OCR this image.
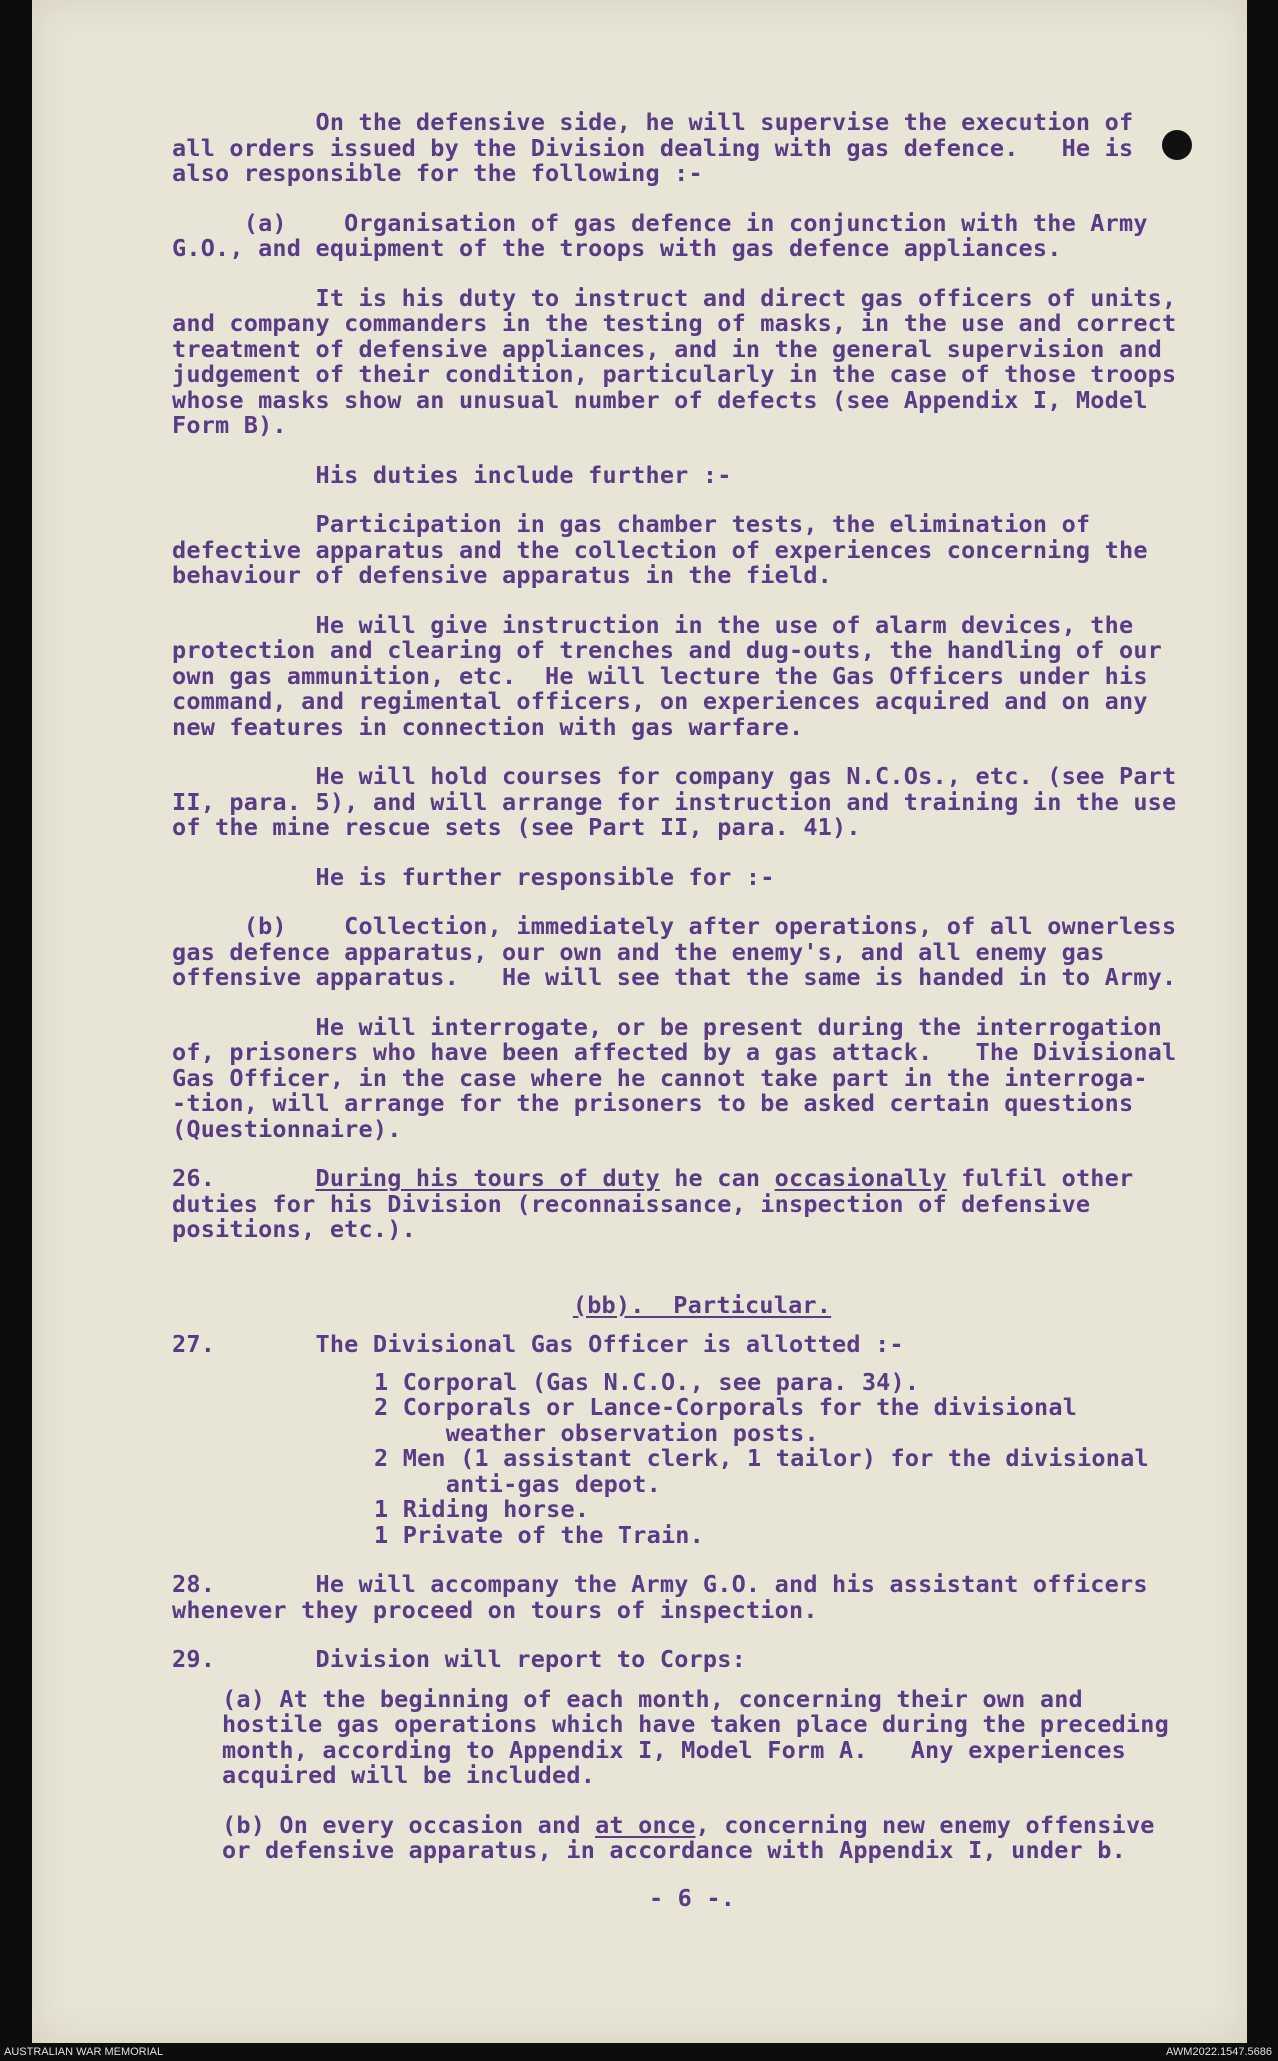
On the defensive side, he will supervise the execution of
all orders issued by the Division dealing with gas defence.   He is
also responsible for the following :-
(a)    Organisation of gas defence in conjunction with the Army
G.O., and equipment of the troops with gas defence appliances.
It is his duty to instruct and direct gas officers of units,
and company commanders in the testing of masks, in the use and correct
treatment of defensive appliances, and in the general supervision and
judgement of their condition, particularly in the case of those troops
whose masks show an unusual number of defects (see Appendix I, Model
Form B).
His duties include further :-
Participation in gas chamber tests, the elimination of
defective apparatus and the collection of experiences concerning the
behaviour of defensive apparatus in the field.
He will give instruction in the use of alarm devices, the
protection and clearing of trenches and dug-outs, the handling of our
own gas ammunition, etc.  He will lecture the Gas Officers under his
command, and regimental officers, on experiences acquired and on any
new features in connection with gas warfare.
He will hold courses for company gas N.C.Os., etc. (see Part
II, para. 5), and will arrange for instruction and training in the use
of the mine rescue sets (see Part II, para. 41).
He is further responsible for :-
(b)    Collection, immediately after operations, of all ownerless
gas defence apparatus, our own and the enemy's, and all enemy gas
offensive apparatus.   He will see that the same is handed in to Army.
He will interrogate, or be present during the interrogation
of, prisoners who have been affected by a gas attack.   The Divisional
Gas Officer, in the case where he cannot take part in the interroga-
-tion, will arrange for the prisoners to be asked certain questions
(Questionnaire).
26.	During his tours of duty he can occasionally fulfil other
duties for his Division (reconnaissance, inspection of defensive
positions, etc.).
(bb).  Particular.
27.	The Divisional Gas Officer is allotted :-
1 Corporal (Gas N.C.O., see para. 34).
2 Corporals or Lance-Corporals for the divisional
weather observation posts.
2 Men (1 assistant clerk, 1 tailor) for the divisional
anti-gas depot.
1 Riding horse.
1 Private of the Train.
28.	He will accompany the Army G.O. and his assistant officers
whenever they proceed on tours of inspection.
29.	Division will report to Corps:
(a) At the beginning of each month, concerning their own and
hostile gas operations which have taken place during the preceding
month, according to Appendix I, Model Form A.   Any experiences
acquired will be included.
(b) On every occasion and at once, concerning new enemy offensive
or defensive apparatus, in accordance with Appendix I, under b.
- 6 -.
AUSTRALIAN WAR MEMORIAL	AWM2022.1547.5686
